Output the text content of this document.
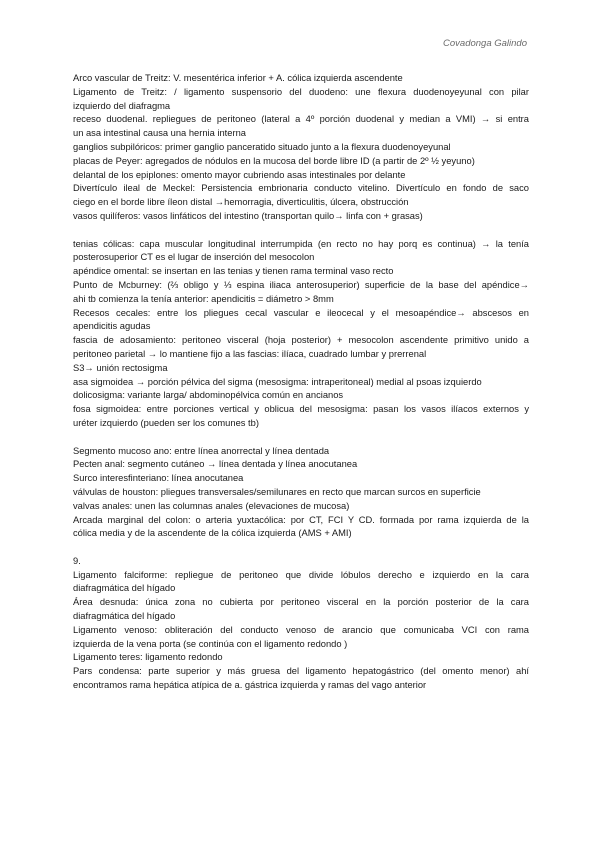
Covadonga Galindo
Arco vascular de Treitz: V. mesentérica inferior + A. cólica izquierda ascendente
Ligamento de Treitz: / ligamento suspensorio del duodeno: une flexura duodenoyeyunal con pilar
izquierdo del diafragma
receso duodenal. repliegues de peritoneo (lateral a 4º porción duodenal y median a VMI) → si entra
un asa intestinal causa una hernia interna
ganglios subpilóricos: primer ganglio panceratido situado junto a la flexura duodenoyeyunal
placas de Peyer: agregados de nódulos en la mucosa del borde libre ID (a partir de 2º ½ yeyuno)
delantal de los epiplones: omento mayor cubriendo asas intestinales por delante
Divertículo ileal de Meckel: Persistencia embrionaria conducto vitelino. Divertículo en fondo de saco
ciego en el borde libre íleon distal →hemorragia, diverticulitis, úlcera, obstrucción
vasos quilíferos: vasos linfáticos del intestino (transportan quilo→ linfa con + grasas)
tenias cólicas: capa muscular longitudinal interrumpida (en recto no hay porq es continua) → la tenía
posterosuperior CT es el lugar de inserción del mesocolon
apéndice omental: se insertan en las tenias y tienen rama terminal vaso recto
Punto de Mcburney: (⅔ obligo y ⅓ espina iliaca anterosuperior) superficie de la base del apéndice→
ahi tb comienza la tenía anterior: apendicitis = diámetro > 8mm
Recesos cecales: entre los pliegues cecal vascular e ileocecal y el mesoapéndice→ abscesos en
apendicitis agudas
fascia de adosamiento: peritoneo visceral (hoja posterior) + mesocolon ascendente primitivo unido a
peritoneo parietal → lo mantiene fijo a las fascias: ilíaca, cuadrado lumbar y prerrenal
S3→ unión rectosigma
asa sigmoidea → porción pélvica del sigma (mesosigma: intraperitoneal) medial al psoas izquierdo
dolicosigma: variante larga/ abdominopélvica común en ancianos
fosa sigmoidea: entre porciones vertical y oblicua del mesosigma: pasan los vasos ilíacos externos y
uréter izquierdo (pueden ser los comunes tb)
Segmento mucoso ano: entre línea anorrectal y línea dentada
Pecten anal: segmento cutáneo → línea dentada y línea anocutanea
Surco interesfinteriano: línea anocutanea
válvulas de houston: pliegues transversales/semilunares en recto que marcan surcos en superficie
valvas anales: unen las columnas anales (elevaciones de mucosa)
Arcada marginal del colon: o arteria yuxtacólica: por CT, FCI Y CD. formada por rama izquierda de la
cólica media y de la ascendente de la cólica izquierda (AMS + AMI)
9.
Ligamento falciforme: repliegue de peritoneo que divide lóbulos derecho e izquierdo en la cara
diafragmática del hígado
Área desnuda: única zona no cubierta por peritoneo visceral en la porción posterior de la cara
diafragmática del hígado
Ligamento venoso: obliteración del conducto venoso de arancio que comunicaba VCI con rama
izquierda de la vena porta (se continúa con el ligamento redondo )
Ligamento teres: ligamento redondo
Pars condensa: parte superior y más gruesa del ligamento hepatogástrico (del omento menor) ahí
encontramos rama hepática atípica de a. gástrica izquierda y ramas del vago anterior
